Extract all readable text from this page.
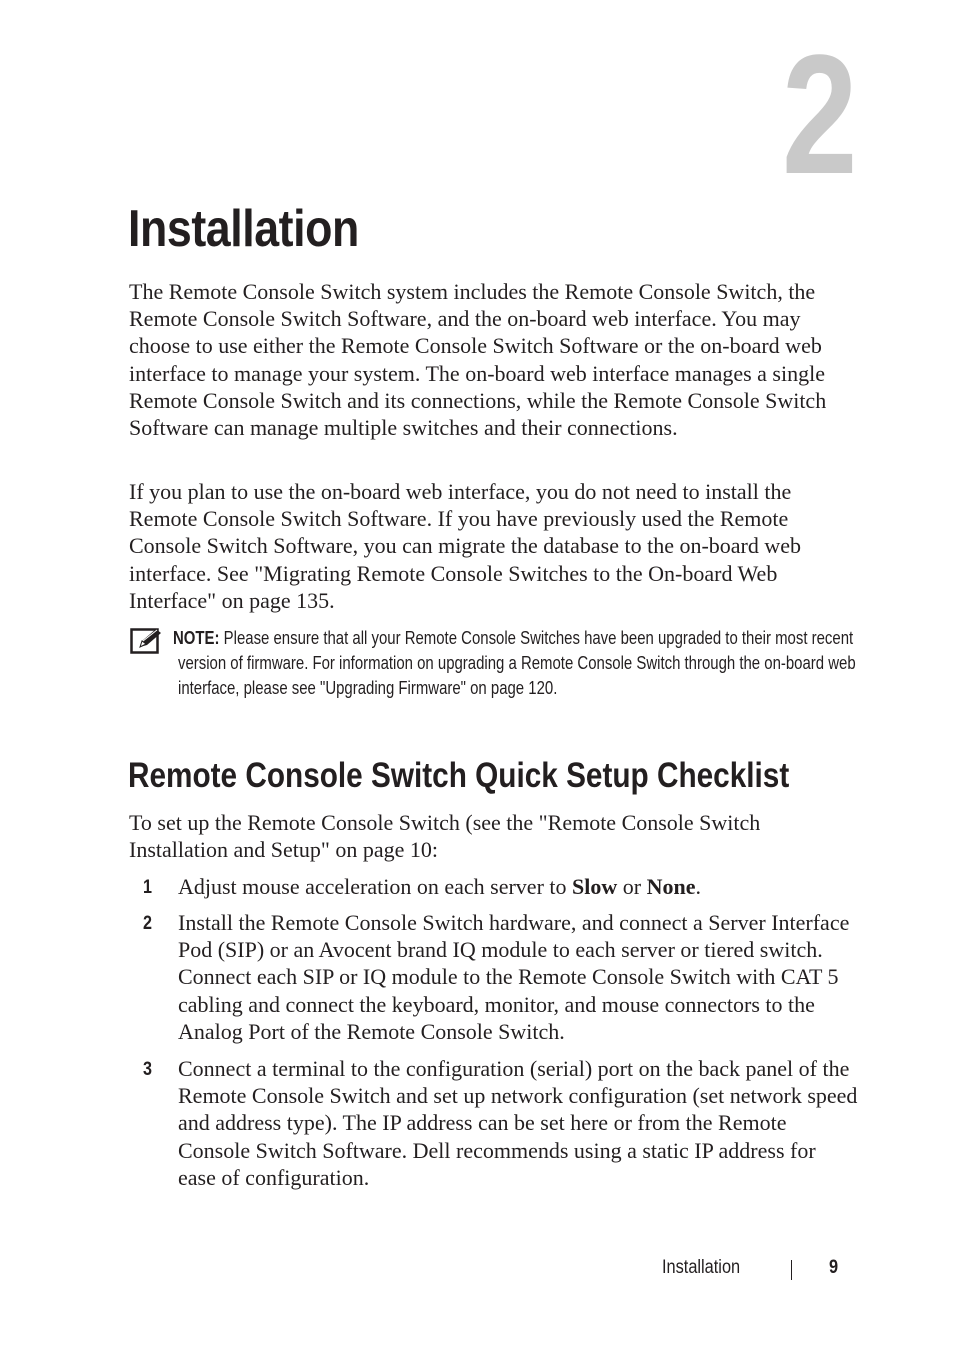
2
Installation

The Remote Console Switch system includes the Remote Console Switch, the Remote Console Switch Software, and the on-board web interface. You may choose to use either the Remote Console Switch Software or the on-board web interface to manage your system. The on-board web interface manages a single Remote Console Switch and its connections, while the Remote Console Switch Software can manage multiple switches and their connections.

If you plan to use the on-board web interface, you do not need to install the Remote Console Switch Software. If you have previously used the Remote Console Switch Software, you can migrate the database to the on-board web interface. See "Migrating Remote Console Switches to the On-board Web Interface" on page 135.

NOTE: Please ensure that all your Remote Console Switches have been upgraded to their most recent version of firmware. For information on upgrading a Remote Console Switch through the on-board web interface, please see "Upgrading Firmware" on page 120.
Remote Console Switch Quick Setup Checklist

To set up the Remote Console Switch (see the "Remote Console Switch Installation and Setup" on page 10:

1 Adjust mouse acceleration on each server to Slow or None.

2 Install the Remote Console Switch hardware, and connect a Server Interface Pod (SIP) or an Avocent brand IQ module to each server or tiered switch. Connect each SIP or IQ module to the Remote Console Switch with CAT 5 cabling and connect the keyboard, monitor, and mouse connectors to the Analog Port of the Remote Console Switch.

3 Connect a terminal to the configuration (serial) port on the back panel of the Remote Console Switch and set up network configuration (set network speed and address type). The IP address can be set here or from the Remote Console Switch Software. Dell recommends using a static IP address for ease of configuration.

Installation	9
